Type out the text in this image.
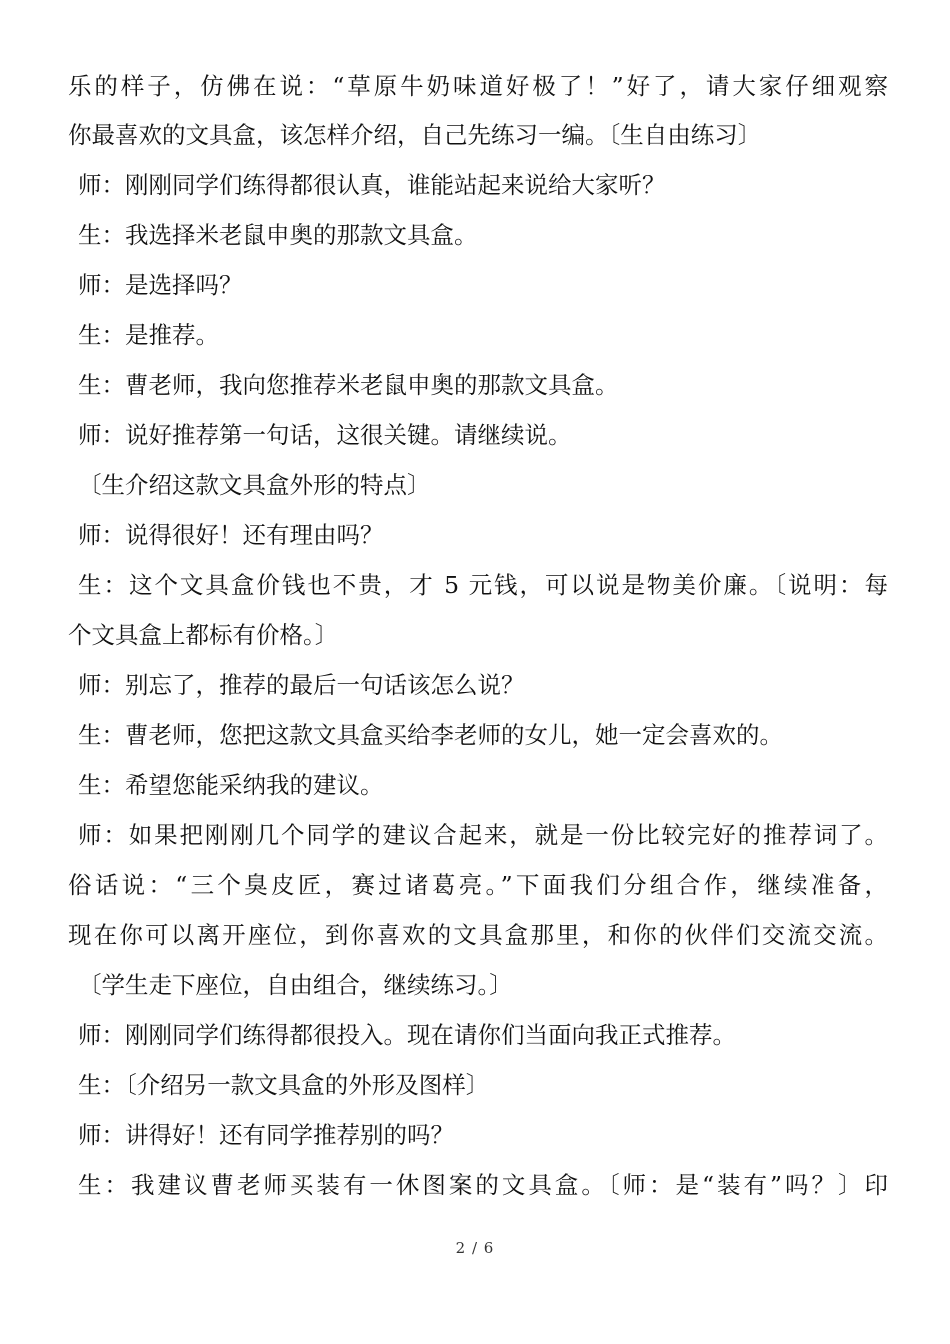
乐的样子，仿佛在说：“草原牛奶味道好极了！”好了，请大家仔细观察
你最喜欢的文具盒，该怎样介绍，自己先练习一编。〔生自由练习〕
师：刚刚同学们练得都很认真，谁能站起来说给大家听？
生：我选择米老鼠申奥的那款文具盒。
师：是选择吗？
生：是推荐。
生：曹老师，我向您推荐米老鼠申奥的那款文具盒。
师：说好推荐第一句话，这很关键。请继续说。
〔生介绍这款文具盒外形的特点〕
师：说得很好！还有理由吗？
生：这个文具盒价钱也不贵，才 5 元钱，可以说是物美价廉。〔说明：每
个文具盒上都标有价格。〕
师：别忘了，推荐的最后一句话该怎么说？
生：曹老师，您把这款文具盒买给李老师的女儿，她一定会喜欢的。
生：希望您能采纳我的建议。
师：如果把刚刚几个同学的建议合起来，就是一份比较完好的推荐词了。
俗话说：“三个臭皮匠，赛过诸葛亮。”下面我们分组合作，继续准备，
现在你可以离开座位，到你喜欢的文具盒那里，和你的伙伴们交流交流。
〔学生走下座位，自由组合，继续练习。〕
师：刚刚同学们练得都很投入。现在请你们当面向我正式推荐。
生：〔介绍另一款文具盒的外形及图样〕
师：讲得好！还有同学推荐别的吗？
生：我建议曹老师买装有一休图案的文具盒。〔师：是“装有”吗？〕印
2 / 6
